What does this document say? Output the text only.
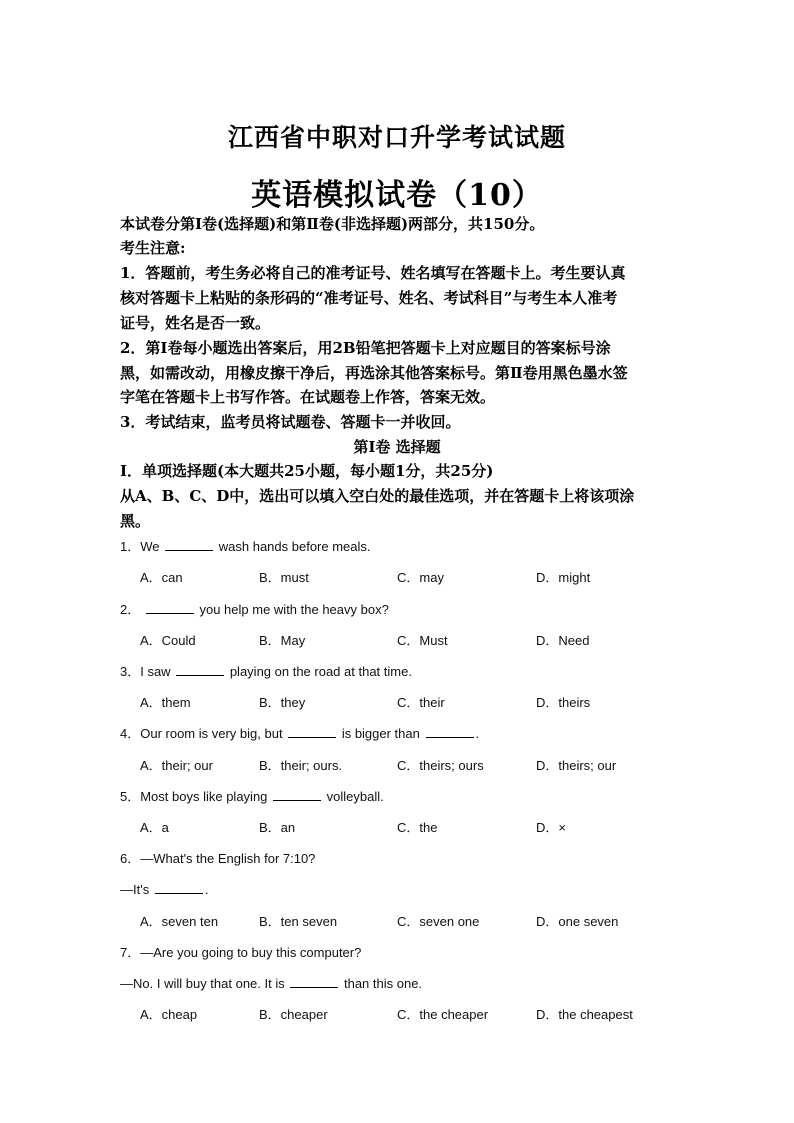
江西省中职对口升学考试试题
英语模拟试卷（10）
本试卷分第Ⅰ卷(选择题)和第Ⅱ卷(非选择题)两部分，共150分。
考生注意:
1．答题前，考生务必将自己的准考证号、姓名填写在答题卡上。考生要认真
核对答题卡上粘贴的条形码的“准考证号、姓名、考试科目”与考生本人准考
证号，姓名是否一致。
2．第Ⅰ卷每小题选出答案后，用2B铅笔把答题卡上对应题目的答案标号涂
黑，如需改动，用橡皮擦干净后，再选涂其他答案标号。第Ⅱ卷用黑色墨水签
字笔在答题卡上书写作答。在试题卷上作答，答案无效。
3．考试结束，监考员将试题卷、答题卡一并收回。
第Ⅰ卷 选择题
Ⅰ．单项选择题(本大题共25小题，每小题1分，共25分)
从A、B、C、D中，选出可以填入空白处的最佳选项，并在答题卡上将该项涂
黑。
1．We	wash hands before meals.
A．can	B．must	C．may	D．might
2．	you help me with the heavy box?
A．Could	B．May	C．Must	D．Need
3．I saw	playing on the road at that time.
A．them	B．they	C．their	D．theirs
4．Our room is very big, but	is bigger than	.
A．their; our	B．their; ours.	C．theirs; ours	D．theirs; our
5．Most boys like playing	volleyball.
A．a	B．an	C．the	D．×
6．—What's the English for 7:10?
—It's	.
A．seven ten	B．ten seven	C．seven one	D．one seven
7．—Are you going to buy this computer?
—No. I will buy that one. It is	than this one.
A．cheap	B．cheaper	C．the cheaper	D．the cheapest
